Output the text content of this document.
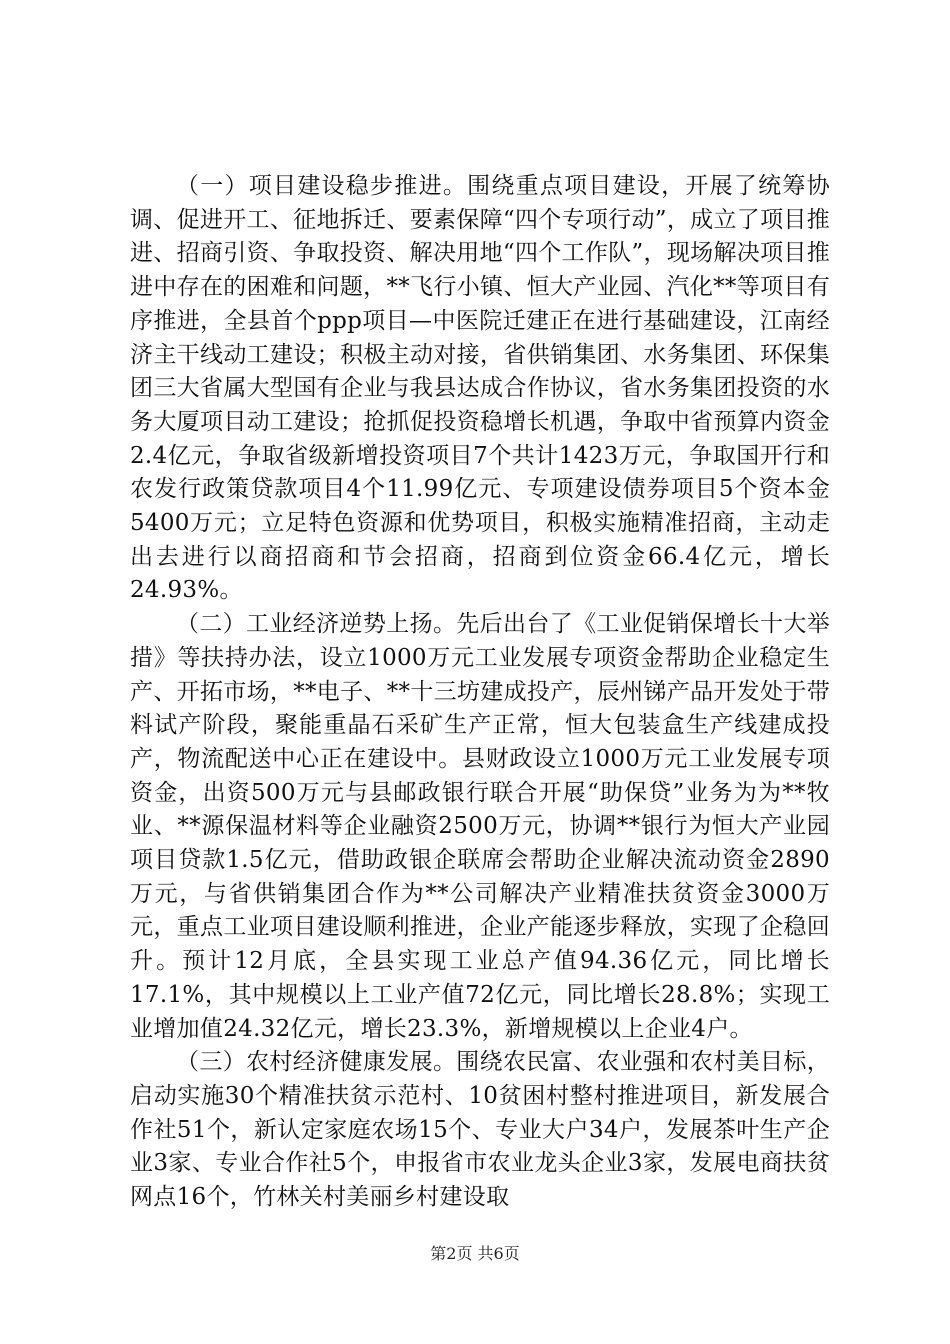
（一）项目建设稳步推进。围绕重点项目建设，开展了统筹协调、促进开工、征地拆迁、要素保障“四个专项行动”，成立了项目推进、招商引资、争取投资、解决用地“四个工作队”，现场解决项目推进中存在的困难和问题，**飞行小镇、恒大产业园、汽化**等项目有序推进，全县首个ppp项目—中医院迁建正在进行基础建设，江南经济主干线动工建设；积极主动对接，省供销集团、水务集团、环保集团三大省属大型国有企业与我县达成合作协议，省水务集团投资的水务大厦项目动工建设；抢抓促投资稳增长机遇，争取中省预算内资金2.4亿元，争取省级新增投资项目7个共计1423万元，争取国开行和农发行政策贷款项目4个11.99亿元、专项建设债券项目5个资本金5400万元；立足特色资源和优势项目，积极实施精准招商，主动走出去进行以商招商和节会招商，招商到位资金66.4亿元，增长24.93%。

（二）工业经济逆势上扬。先后出台了《工业促销保增长十大举措》等扶持办法，设立1000万元工业发展专项资金帮助企业稳定生产、开拓市场，**电子、**十三坊建成投产，辰州锑产品开发处于带料试产阶段，聚能重晶石采矿生产正常，恒大包装盒生产线建成投产，物流配送中心正在建设中。县财政设立1000万元工业发展专项资金，出资500万元与县邮政银行联合开展“助保贷”业务为为**牧业、**源保温材料等企业融资2500万元，协调**银行为恒大产业园项目贷款1.5亿元，借助政银企联席会帮助企业解决流动资金2890万元，与省供销集团合作为**公司解决产业精准扶贫资金3000万元，重点工业项目建设顺利推进，企业产能逐步释放，实现了企稳回升。预计12月底，全县实现工业总产值94.36亿元，同比增长17.1%，其中规模以上工业产值72亿元，同比增长28.8%；实现工业增加值24.32亿元，增长23.3%，新增规模以上企业4户。

（三）农村经济健康发展。围绕农民富、农业强和农村美目标，启动实施30个精准扶贫示范村、10贫困村整村推进项目，新发展合作社51个，新认定家庭农场15个、专业大户34户，发展茶叶生产企业3家、专业合作社5个，申报省市农业龙头企业3家，发展电商扶贫网点16个，竹林关村美丽乡村建设取

第2页 共6页
